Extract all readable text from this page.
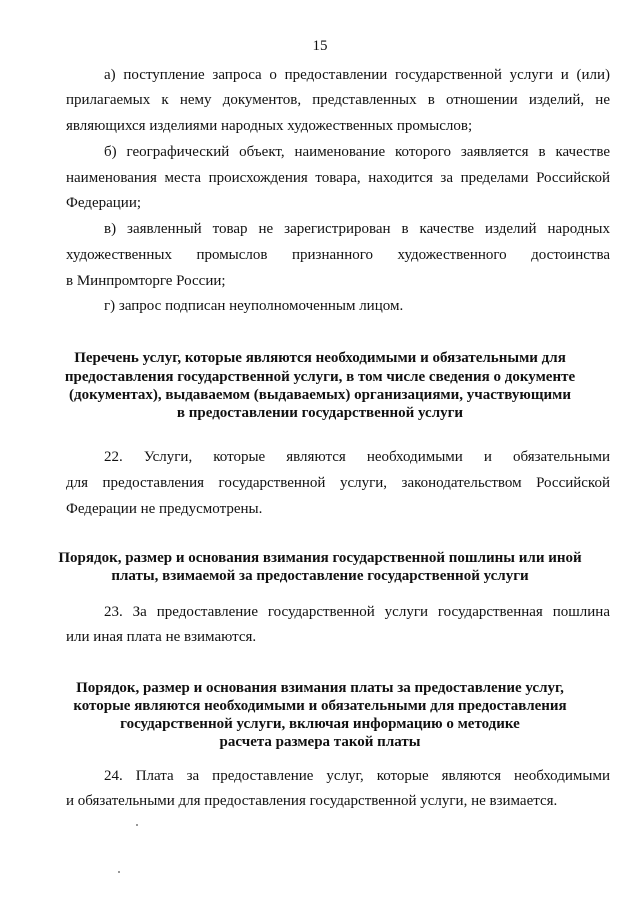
15
а) поступление запроса о предоставлении государственной услуги и (или)
прилагаемых к нему документов, представленных в отношении изделий, не
являющихся изделиями народных художественных промыслов;
б) географический объект, наименование которого заявляется в качестве
наименования места происхождения товара, находится за пределами Российской
Федерации;
в) заявленный товар не зарегистрирован в качестве изделий народных
художественных промыслов признанного художественного достоинства
в Минпромторге России;
г) запрос подписан неуполномоченным лицом.
Перечень услуг, которые являются необходимыми и обязательными для
предоставления государственной услуги, в том числе сведения о документе
(документах), выдаваемом (выдаваемых) организациями, участвующими
в предоставлении государственной услуги
22. Услуги, которые являются необходимыми и обязательными
для предоставления государственной услуги, законодательством Российской
Федерации не предусмотрены.
Порядок, размер и основания взимания государственной пошлины или иной
платы, взимаемой за предоставление государственной услуги
23. За предоставление государственной услуги государственная пошлина
или иная плата не взимаются.
Порядок, размер и основания взимания платы за предоставление услуг,
которые являются необходимыми и обязательными для предоставления
государственной услуги, включая информацию о методике
расчета размера такой платы
24. Плата за предоставление услуг, которые являются необходимыми
и обязательными для предоставления государственной услуги, не взимается.
